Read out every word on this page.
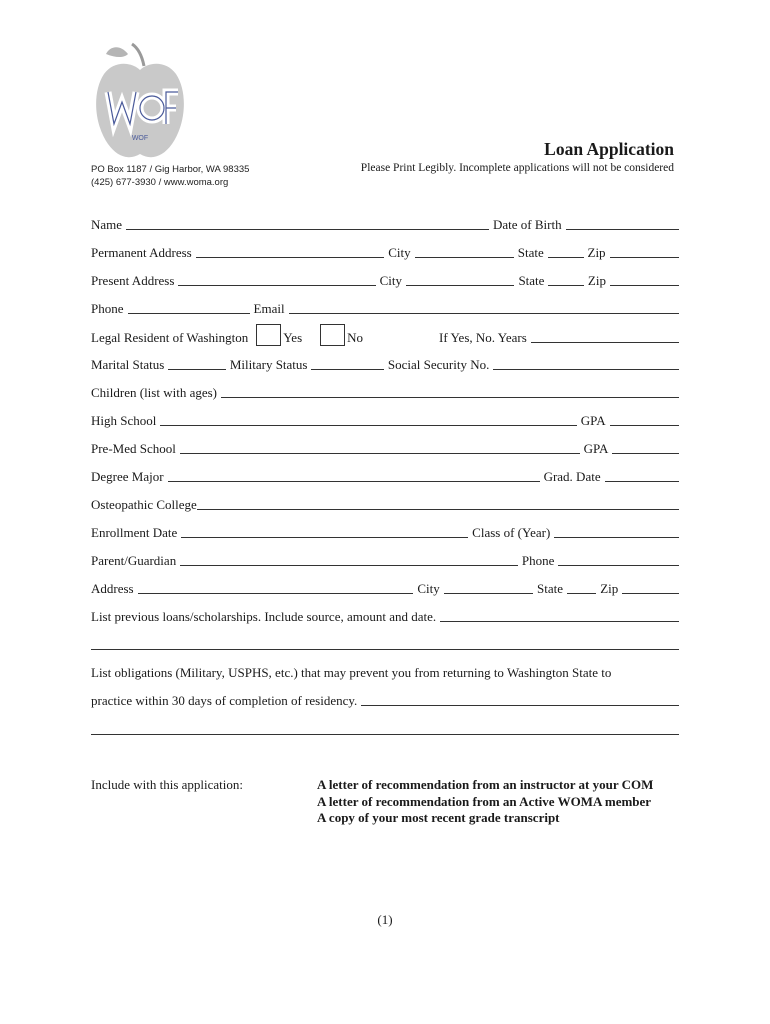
WOF
PO Box 1187 / Gig Harbor, WA 98335
(425) 677-3930 / www.woma.org
Loan Application
Please Print Legibly. Incomplete applications will not be considered
Name	Date of Birth
Permanent Address	City	State	Zip
Present Address	City	State	Zip
Phone	Email
Legal Resident of Washington	Yes	No	If Yes, No. Years
Marital Status	Military Status	Social Security No.
Children (list with ages)
High School	GPA
Pre-Med School	GPA
Degree Major	Grad. Date
Osteopathic College
Enrollment Date	Class of (Year)
Parent/Guardian	Phone
Address	City	State	Zip
List previous loans/scholarships. Include source, amount and date.
List obligations (Military, USPHS, etc.) that may prevent you from returning to Washington State to
practice within 30 days of completion of residency.
Include with this application:	A letter of recommendation from an instructor at your COM
A letter of recommendation from an Active WOMA member
A copy of your most recent grade transcript
(1)
